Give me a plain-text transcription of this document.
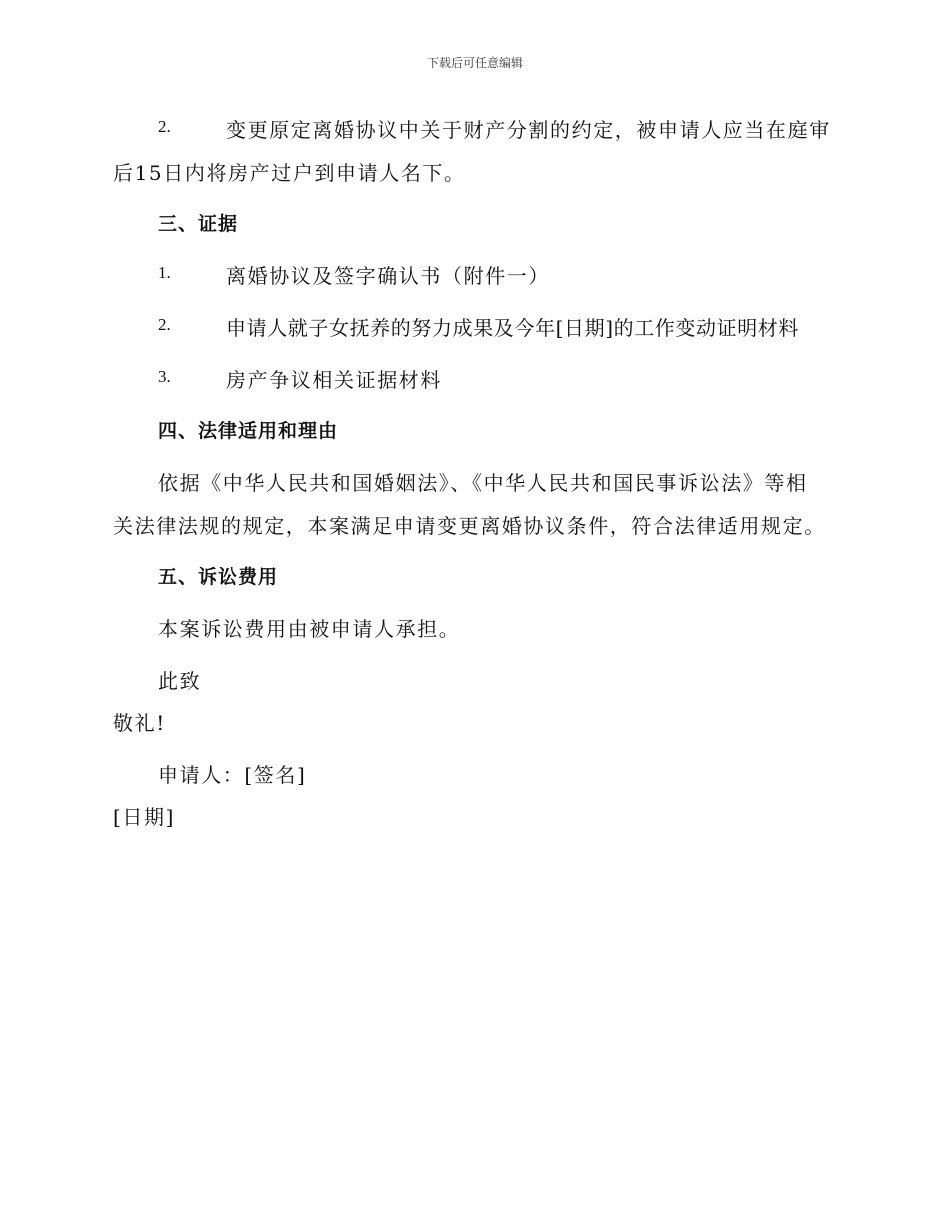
下载后可任意编辑
2.	变更原定离婚协议中关于财产分割的约定，被申请人应当在庭审
后15日内将房产过户到申请人名下。
三、证据
1.	离婚协议及签字确认书（附件一）
2.	申请人就子女抚养的努力成果及今年[日期]的工作变动证明材料
3.	房产争议相关证据材料
四、法律适用和理由
依据《中华人民共和国婚姻法》、《中华人民共和国民事诉讼法》等相
关法律法规的规定，本案满足申请变更离婚协议条件，符合法律适用规定。
五、诉讼费用
本案诉讼费用由被申请人承担。
此致
敬礼!
申请人：[签名]
[日期]
